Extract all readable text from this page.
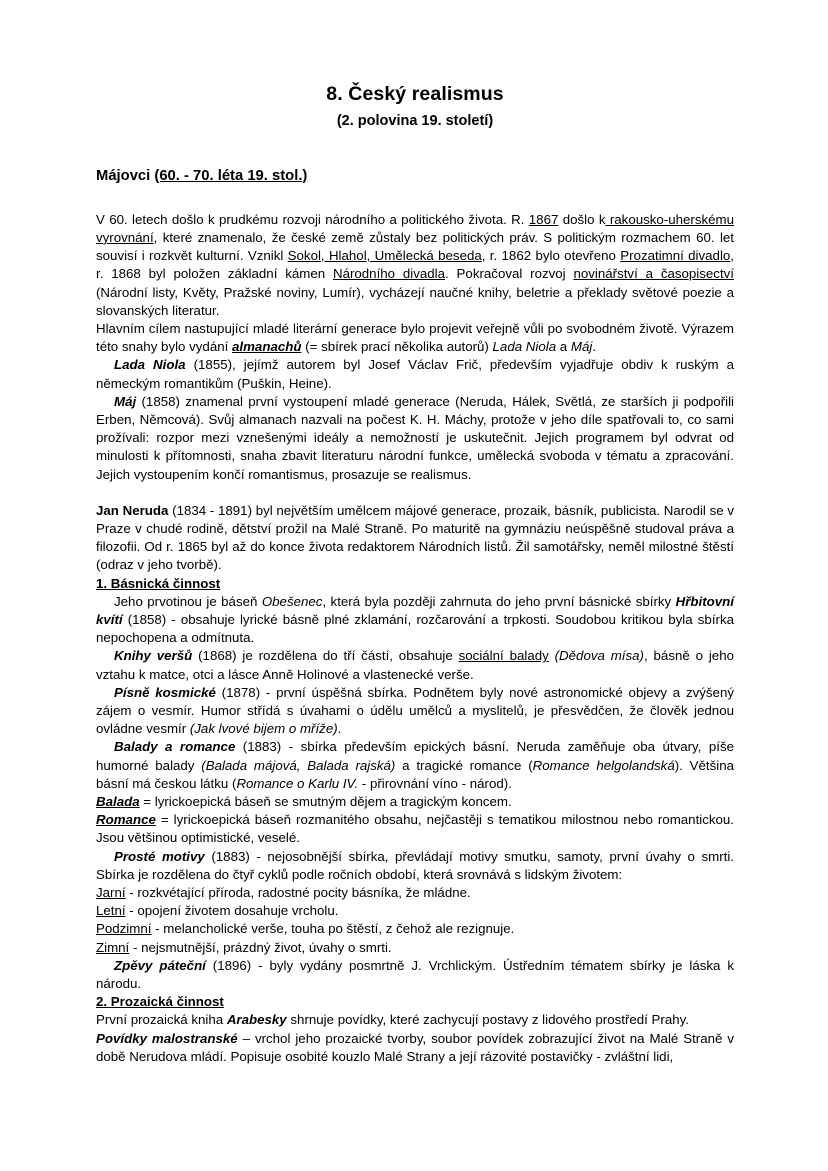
8. Český realismus
(2. polovina 19. století)
Májovci (60. - 70. léta 19. stol.)

V 60. letech došlo k prudkému rozvoji národního a politického života. R. 1867 došlo k rakousko-uherskému vyrovnání, které znamenalo, že české země zůstaly bez politických práv. S politickým rozmachem 60. let souvisí i rozkvět kulturní. Vznikl Sokol, Hlahol, Umělecká beseda, r. 1862 bylo otevřeno Prozatimní divadlo, r. 1868 byl položen základní kámen Národního divadla. Pokračoval rozvoj novinářství a časopisectví (Národní listy, Květy, Pražské noviny, Lumír), vycházejí naučné knihy, beletrie a překlady světové poezie a slovanských literatur.

Hlavním cílem nastupující mladé literární generace bylo projevit veřejně vůli po svobodném životě. Výrazem této snahy bylo vydání almanachů (= sbírek prací několika autorů) Lada Niola a Máj.

Lada Niola (1855), jejímž autorem byl Josef Václav Frič, především vyjadřuje obdiv k ruským a německým romantikům (Puškin, Heine).

Máj (1858) znamenal první vystoupení mladé generace (Neruda, Hálek, Světlá, ze starších ji podpořili Erben, Němcová). Svůj almanach nazvali na počest K. H. Máchy, protože v jeho díle spatřovali to, co sami prožívali: rozpor mezi vznešenými ideály a nemožností je uskutečnit. Jejich programem byl odvrat od minulosti k přítomnosti, snaha zbavit literaturu národní funkce, umělecká svoboda v tématu a zpracování. Jejich vystoupením končí romantismus, prosazuje se realismus.

Jan Neruda (1834 - 1891) byl největším umělcem májové generace, prozaik, básník, publicista. Narodil se v Praze v chudé rodině, dětství prožil na Malé Straně. Po maturitě na gymnáziu neúspěšně studoval práva a filozofii. Od r. 1865 byl až do konce života redaktorem Národních listů. Žil samotářsky, neměl milostné štěstí (odraz v jeho tvorbě).

1. Básnická činnost

Jeho prvotinou je báseň Obešenec, která byla později zahrnuta do jeho první básnické sbírky Hřbitovní kvítí (1858) - obsahuje lyrické básně plné zklamání, rozčarování a trpkosti. Soudobou kritikou byla sbírka nepochopena a odmítnuta.

Knihy veršů (1868) je rozdělena do tří částí, obsahuje sociální balady (Dědova mísa), básně o jeho vztahu k matce, otci a lásce Anně Holinové a vlastenecké verše.

Písně kosmické (1878) - první úspěšná sbírka. Podnětem byly nové astronomické objevy a zvýšený zájem o vesmír. Humor střídá s úvahami o údělu umělců a myslitelů, je přesvědčen, že člověk jednou ovládne vesmír (Jak lvové bijem o mříže).

Balady a romance (1883) - sbírka především epických básní. Neruda zaměňuje oba útvary, píše humorné balady (Balada májová, Balada rajská) a tragické romance (Romance helgolandská). Většina básní má českou látku (Romance o Karlu IV. - přirovnání víno - národ).

Balada = lyrickoepická báseň se smutným dějem a tragickým koncem.

Romance = lyrickoepická báseň rozmanitého obsahu, nejčastěji s tematikou milostnou nebo romantickou. Jsou většinou optimistické, veselé.

Prosté motivy (1883) - nejosobnější sbírka, převládají motivy smutku, samoty, první úvahy o smrti. Sbírka je rozdělena do čtyř cyklů podle ročních období, která srovnává s lidským životem:

Jarní - rozkvétající příroda, radostné pocity básníka, že mládne.

Letní - opojení životem dosahuje vrcholu.

Podzimní - melancholické verše, touha po štěstí, z čehož ale rezignuje.

Zimní - nejsmutnější, prázdný život, úvahy o smrti.

Zpěvy páteční (1896) - byly vydány posmrtně J. Vrchlickým. Ústředním tématem sbírky je láska k národu.

2. Prozaická činnost

První prozaická kniha Arabesky shrnuje povídky, které zachycují postavy z lidového prostředí Prahy.

Povídky malostranské – vrchol jeho prozaické tvorby, soubor povídek zobrazující život na Malé Straně v době Nerudova mládí. Popisuje osobité kouzlo Malé Strany a její rázovité postavičky - zvláštní lidi,
